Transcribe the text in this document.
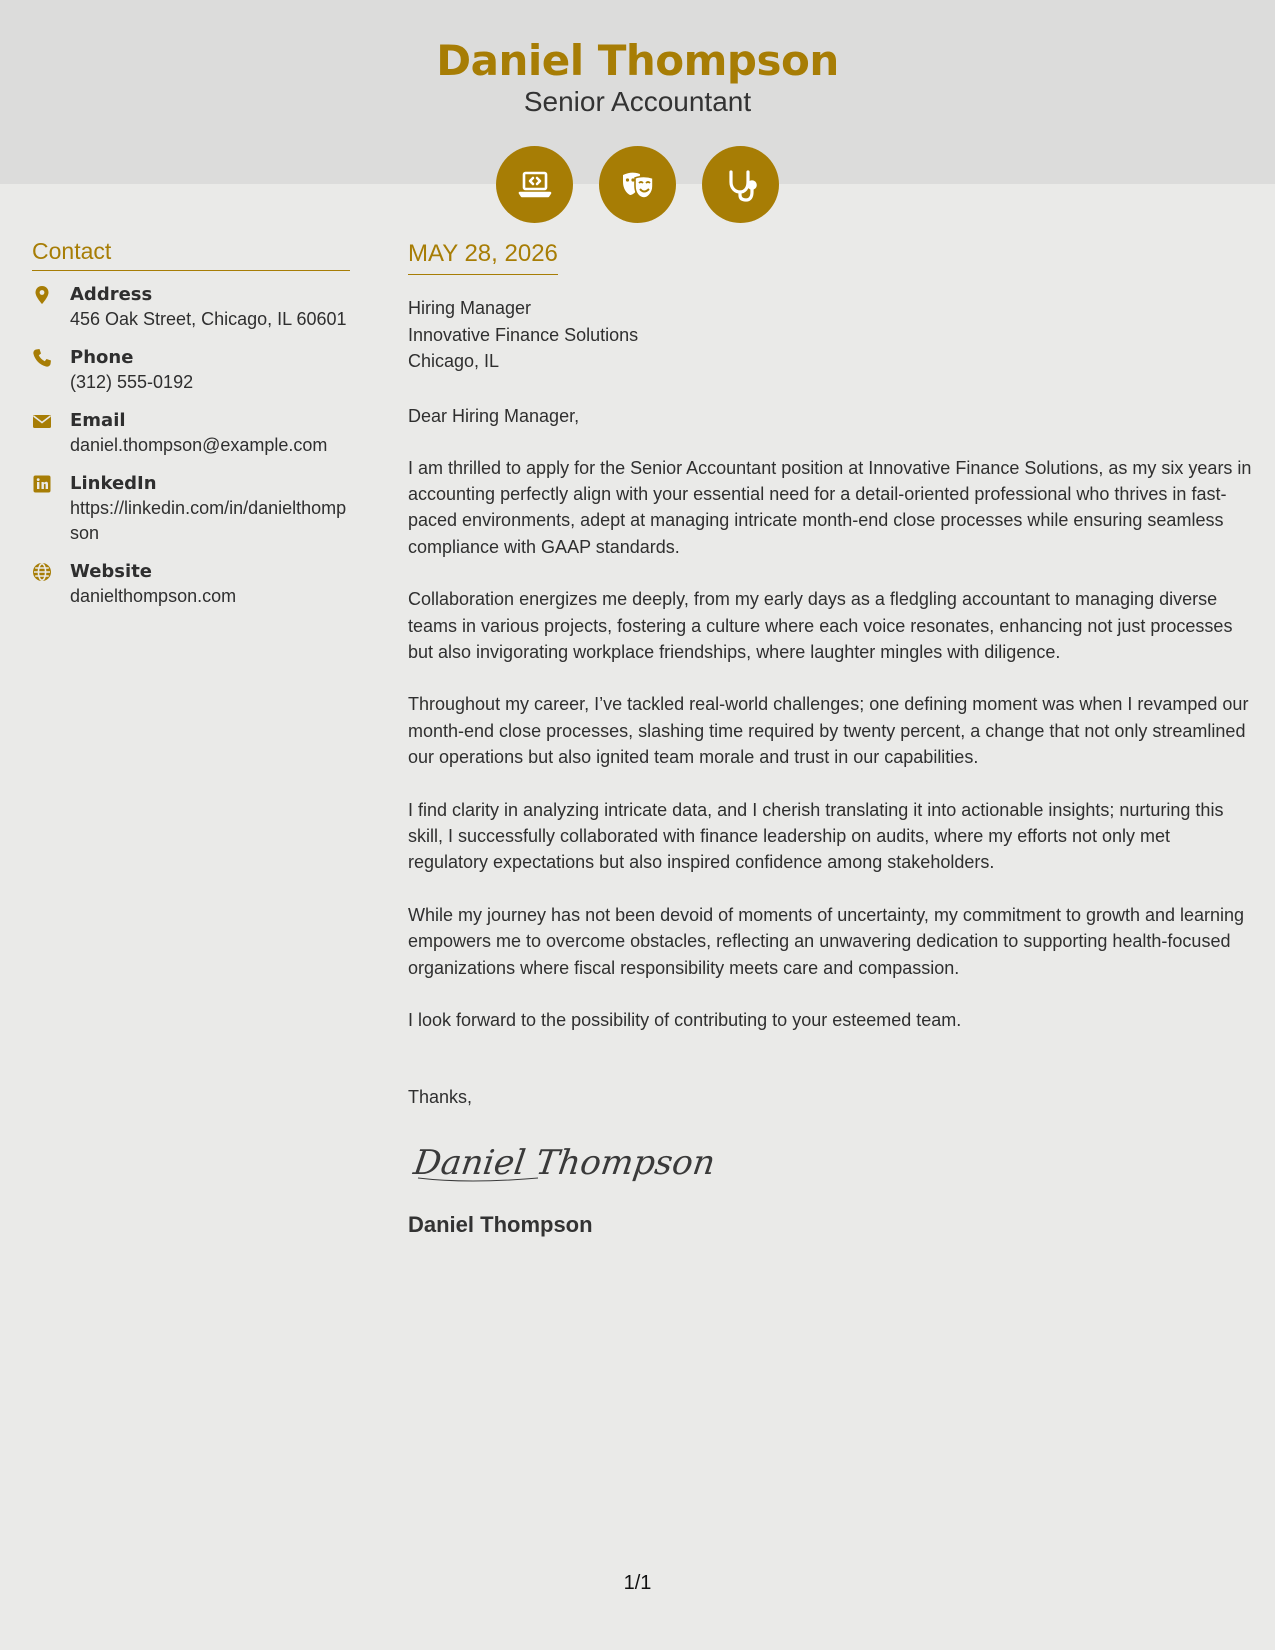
Daniel Thompson
Senior Accountant
Contact
Address
456 Oak Street, Chicago, IL 60601
Phone
(312) 555-0192
Email
daniel.thompson@example.com
LinkedIn
https://linkedin.com/in/danielthompson
Website
danielthompson.com
MAY 28, 2026
Hiring Manager
Innovative Finance Solutions
Chicago, IL
Dear Hiring Manager,
I am thrilled to apply for the Senior Accountant position at Innovative Finance Solutions, as my six years in accounting perfectly align with your essential need for a detail-oriented professional who thrives in fast-paced environments, adept at managing intricate month-end close processes while ensuring seamless compliance with GAAP standards.
Collaboration energizes me deeply, from my early days as a fledgling accountant to managing diverse teams in various projects, fostering a culture where each voice resonates, enhancing not just processes but also invigorating workplace friendships, where laughter mingles with diligence.
Throughout my career, I’ve tackled real-world challenges; one defining moment was when I revamped our month-end close processes, slashing time required by twenty percent, a change that not only streamlined our operations but also ignited team morale and trust in our capabilities.
I find clarity in analyzing intricate data, and I cherish translating it into actionable insights; nurturing this skill, I successfully collaborated with finance leadership on audits, where my efforts not only met regulatory expectations but also inspired confidence among stakeholders.
While my journey has not been devoid of moments of uncertainty, my commitment to growth and learning empowers me to overcome obstacles, reflecting an unwavering dedication to supporting health-focused organizations where fiscal responsibility meets care and compassion.
I look forward to the possibility of contributing to your esteemed team.
Thanks,
Daniel Thompson
Daniel Thompson
1/1
